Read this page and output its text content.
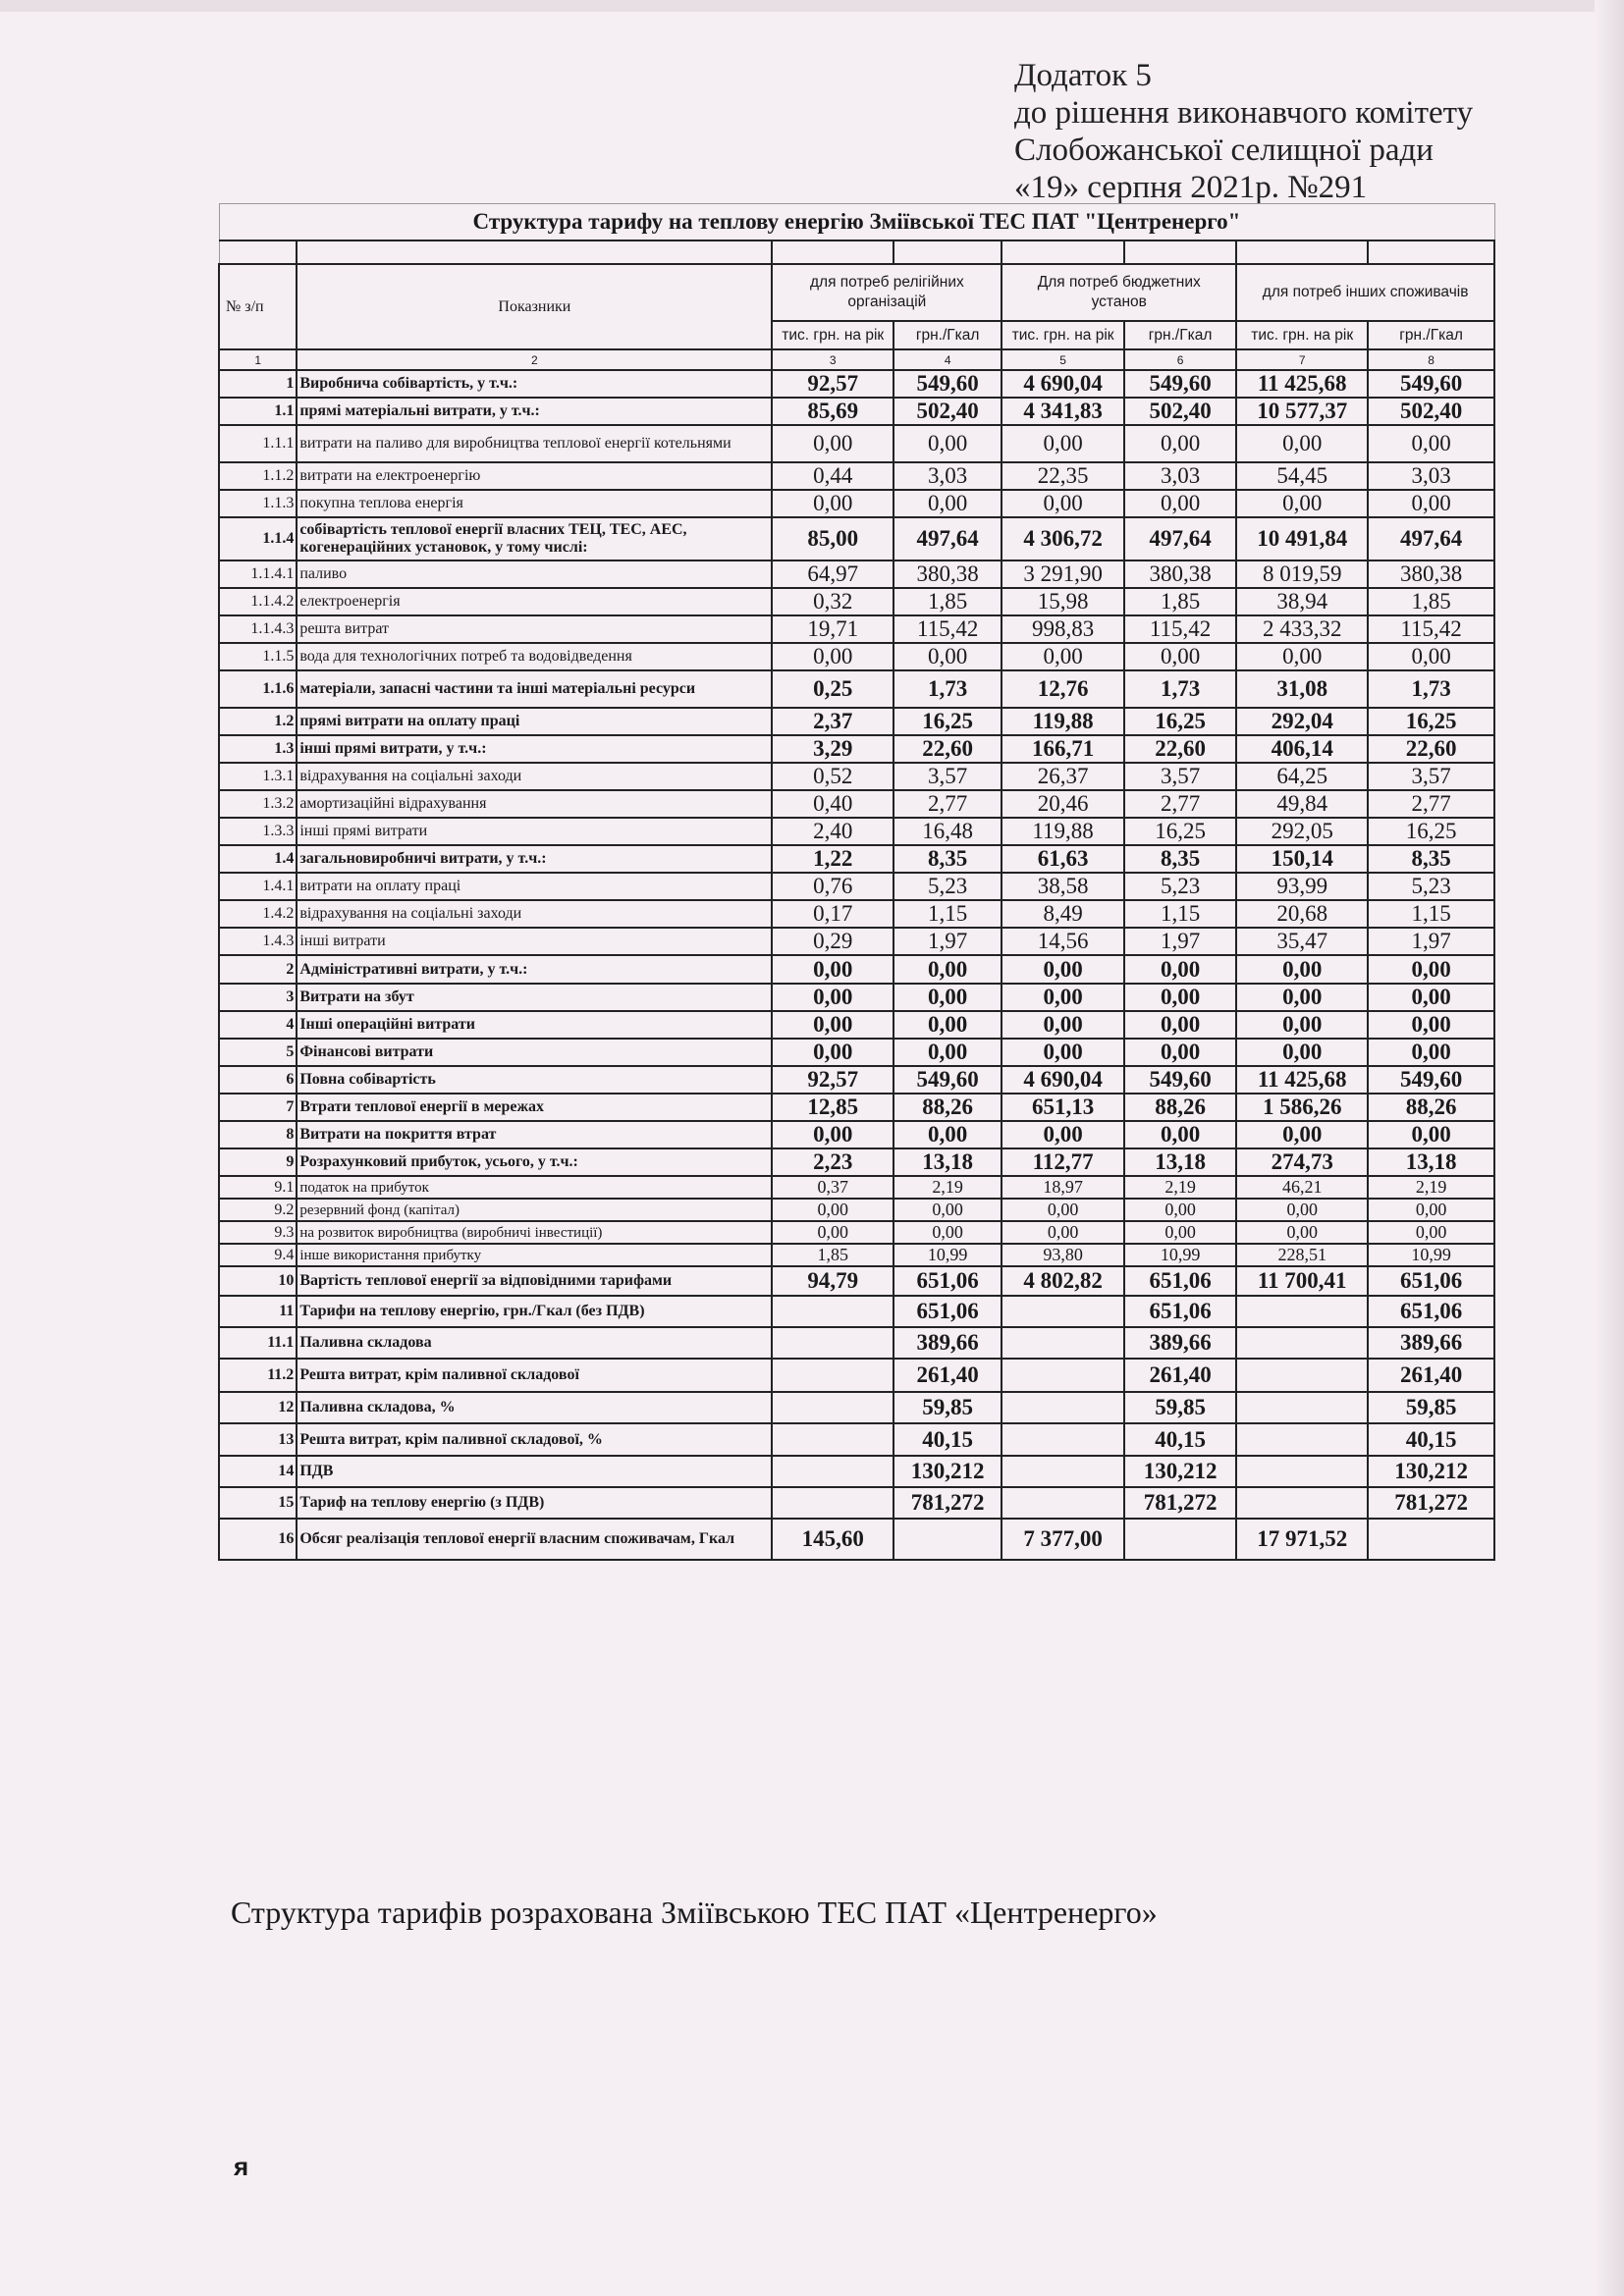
Додаток 5
до рішення виконавчого комітету
Слобожанської селищної ради
«19» серпня 2021р. №291
Структура тарифу на теплову енергію Зміївської ТЕС ПАТ "Центренерго"							

№ з/п	Показники	для потреб релігійних організацій		Для потреб бюджетних установ		для потреб інших споживачів	
		тис. грн. на рік	грн./Гкал	тис. грн. на рік	грн./Гкал	тис. грн. на рік	грн./Гкал
1	2	3	4	5	6	7	8
1	Виробнича собівартість, у т.ч.:	92,57	549,60	4 690,04	549,60	11 425,68	549,60
1.1	прямі матеріальні витрати, у т.ч.:	85,69	502,40	4 341,83	502,40	10 577,37	502,40
1.1.1	витрати на паливо для виробництва теплової енергії котельнями	0,00	0,00	0,00	0,00	0,00	0,00
1.1.2	витрати на електроенергію	0,44	3,03	22,35	3,03	54,45	3,03
1.1.3	покупна теплова енергія	0,00	0,00	0,00	0,00	0,00	0,00
1.1.4	собівартість теплової енергії власних ТЕЦ, ТЕС, АЕС, когенераційних установок, у тому числі:	85,00	497,64	4 306,72	497,64	10 491,84	497,64
1.1.4.1	паливо	64,97	380,38	3 291,90	380,38	8 019,59	380,38
1.1.4.2	електроенергія	0,32	1,85	15,98	1,85	38,94	1,85
1.1.4.3	решта витрат	19,71	115,42	998,83	115,42	2 433,32	115,42
1.1.5	вода для технологічних потреб та водовідведення	0,00	0,00	0,00	0,00	0,00	0,00
1.1.6	матеріали, запасні частини та інші матеріальні ресурси	0,25	1,73	12,76	1,73	31,08	1,73
1.2	прямі витрати на оплату праці	2,37	16,25	119,88	16,25	292,04	16,25
1.3	інші прямі витрати, у т.ч.:	3,29	22,60	166,71	22,60	406,14	22,60
1.3.1	відрахування на соціальні заходи	0,52	3,57	26,37	3,57	64,25	3,57
1.3.2	амортизаційні відрахування	0,40	2,77	20,46	2,77	49,84	2,77
1.3.3	інші прямі витрати	2,40	16,48	119,88	16,25	292,05	16,25
1.4	загальновиробничі витрати, у т.ч.:	1,22	8,35	61,63	8,35	150,14	8,35
1.4.1	витрати на оплату праці	0,76	5,23	38,58	5,23	93,99	5,23
1.4.2	відрахування на соціальні заходи	0,17	1,15	8,49	1,15	20,68	1,15
1.4.3	інші витрати	0,29	1,97	14,56	1,97	35,47	1,97
2	Адміністративні витрати, у т.ч.:	0,00	0,00	0,00	0,00	0,00	0,00
3	Витрати на збут	0,00	0,00	0,00	0,00	0,00	0,00
4	Інші операційні витрати	0,00	0,00	0,00	0,00	0,00	0,00
5	Фінансові витрати	0,00	0,00	0,00	0,00	0,00	0,00
6	Повна собівартість	92,57	549,60	4 690,04	549,60	11 425,68	549,60
7	Втрати теплової енергії в мережах	12,85	88,26	651,13	88,26	1 586,26	88,26
8	Витрати на покриття втрат	0,00	0,00	0,00	0,00	0,00	0,00
9	Розрахунковий прибуток, усього, у т.ч.:	2,23	13,18	112,77	13,18	274,73	13,18
9.1	податок на прибуток	0,37	2,19	18,97	2,19	46,21	2,19
9.2	резервний фонд (капітал)	0,00	0,00	0,00	0,00	0,00	0,00
9.3	на розвиток виробництва (виробничі інвестиції)	0,00	0,00	0,00	0,00	0,00	0,00
9.4	інше використання прибутку	1,85	10,99	93,80	10,99	228,51	10,99
10	Вартість теплової енергії за відповідними тарифами	94,79	651,06	4 802,82	651,06	11 700,41	651,06
11	Тарифи на теплову енергію, грн./Гкал (без ПДВ)		651,06		651,06		651,06
11.1	Паливна складова		389,66		389,66		389,66
11.2	Решта витрат, крім паливної складової		261,40		261,40		261,40
12	Паливна складова, %		59,85		59,85		59,85
13	Решта витрат, крім паливної складової, %		40,15		40,15		40,15
14	ПДВ		130,212		130,212		130,212
15	Тариф на теплову енергію (з ПДВ)		781,272		781,272		781,272
16	Обсяг реалізація теплової енергії власним споживачам, Гкал	145,60		7 377,00		17 971,52	
Структура тарифів розрахована Зміївською ТЕС ПАТ «Центренерго»
я
